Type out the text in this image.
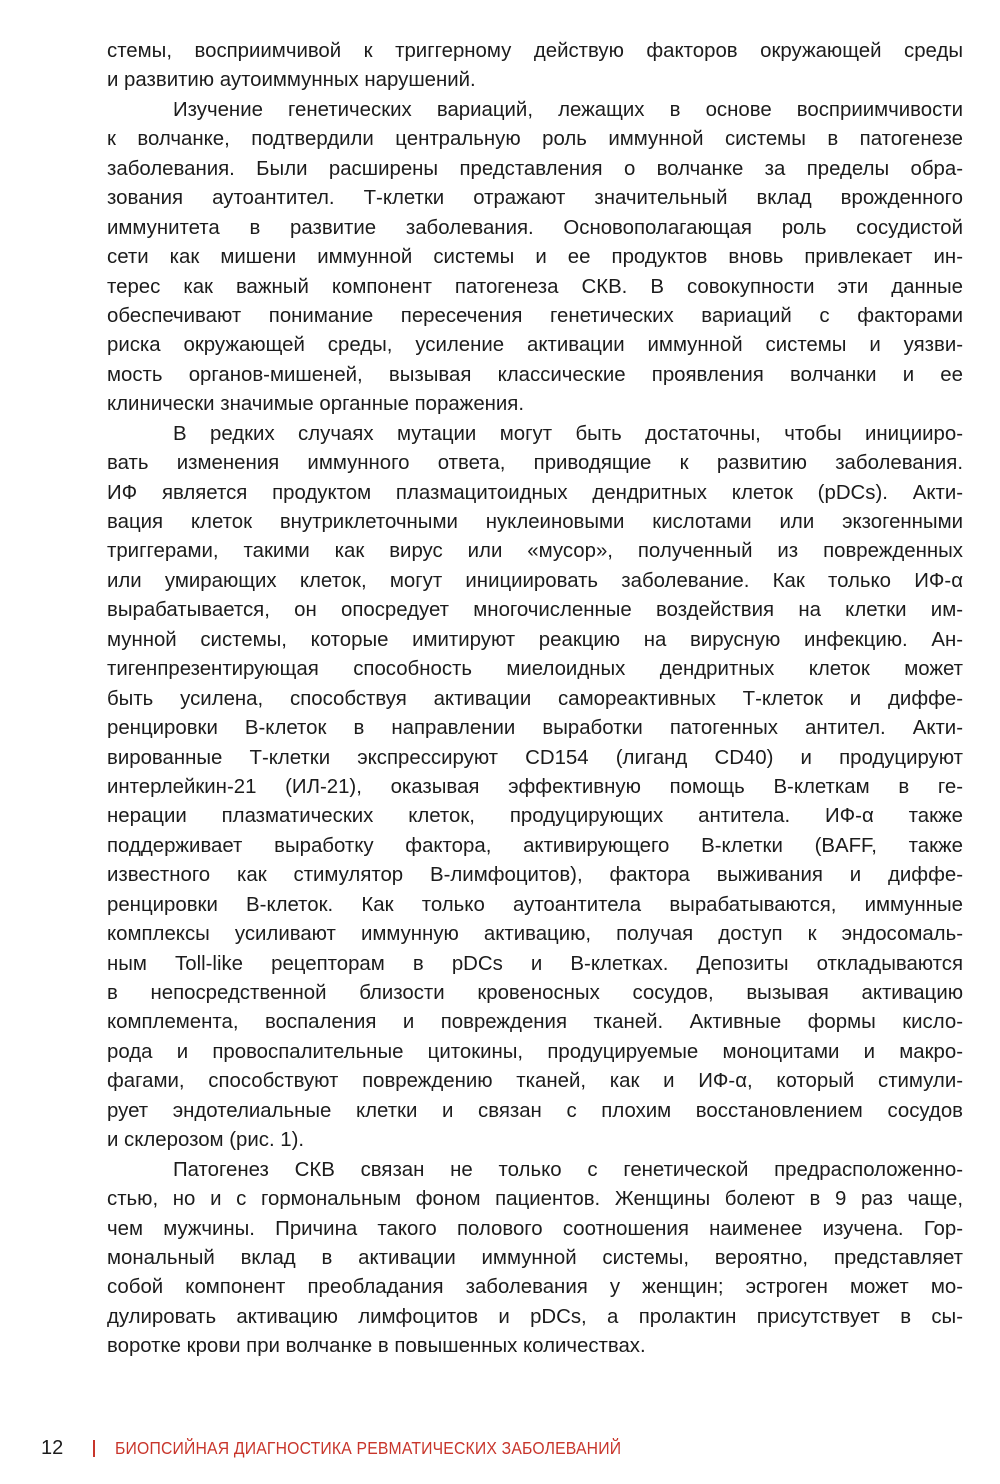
стемы, восприимчивой к триггерному действую факторов окружающей среды
и развитию аутоиммунных нарушений.
Изучение генетических вариаций, лежащих в основе восприимчивости
к волчанке, подтвердили центральную роль иммунной системы в патогенезе
заболевания. Были расширены представления о волчанке за пределы обра-
зования аутоантител. Т-клетки отражают значительный вклад врожденного
иммунитета в развитие заболевания. Основополагающая роль сосудистой
сети как мишени иммунной системы и ее продуктов вновь привлекает ин-
терес как важный компонент патогенеза СКВ. В совокупности эти данные
обеспечивают понимание пересечения генетических вариаций с факторами
риска окружающей среды, усиление активации иммунной системы и уязви-
мость органов-мишеней, вызывая классические проявления волчанки и ее
клинически значимые органные поражения.
В редких случаях мутации могут быть достаточны, чтобы иницииро-
вать изменения иммунного ответа, приводящие к развитию заболевания.
ИФ является продуктом плазмацитоидных дендритных клеток (pDCs). Акти-
вация клеток внутриклеточными нуклеиновыми кислотами или экзогенными
триггерами, такими как вирус или «мусор», полученный из поврежденных
или умирающих клеток, могут инициировать заболевание. Как только ИФ-α
вырабатывается, он опосредует многочисленные воздействия на клетки им-
мунной системы, которые имитируют реакцию на вирусную инфекцию. Ан-
тигенпрезентирующая способность миелоидных дендритных клеток может
быть усилена, способствуя активации самореактивных Т-клеток и диффе-
ренцировки В-клеток в направлении выработки патогенных антител. Акти-
вированные Т-клетки экспрессируют CD154 (лиганд CD40) и продуцируют
интерлейкин-21 (ИЛ-21), оказывая эффективную помощь В-клеткам в ге-
нерации плазматических клеток, продуцирующих антитела. ИФ-α также
поддерживает выработку фактора, активирующего В-клетки (BAFF, также
известного как стимулятор В-лимфоцитов), фактора выживания и диффе-
ренцировки В-клеток. Как только аутоантитела вырабатываются, иммунные
комплексы усиливают иммунную активацию, получая доступ к эндосомаль-
ным Toll-like рецепторам в pDCs и В-клетках. Депозиты откладываются
в непосредственной близости кровеносных сосудов, вызывая активацию
комплемента, воспаления и повреждения тканей. Активные формы кисло-
рода и провоспалительные цитокины, продуцируемые моноцитами и макро-
фагами, способствуют повреждению тканей, как и ИФ-α, который стимули-
рует эндотелиальные клетки и связан с плохим восстановлением сосудов
и склерозом (рис. 1).
Патогенез СКВ связан не только с генетической предрасположенно-
стью, но и с гормональным фоном пациентов. Женщины болеют в 9 раз чаще,
чем мужчины. Причина такого полового соотношения наименее изучена. Гор-
мональный вклад в активации иммунной системы, вероятно, представляет
собой компонент преобладания заболевания у женщин; эстроген может мо-
дулировать активацию лимфоцитов и pDCs, а пролактин присутствует в сы-
воротке крови при волчанке в повышенных количествах.
12	БИОПСИЙНАЯ ДИАГНОСТИКА РЕВМАТИЧЕСКИХ ЗАБОЛЕВАНИЙ
